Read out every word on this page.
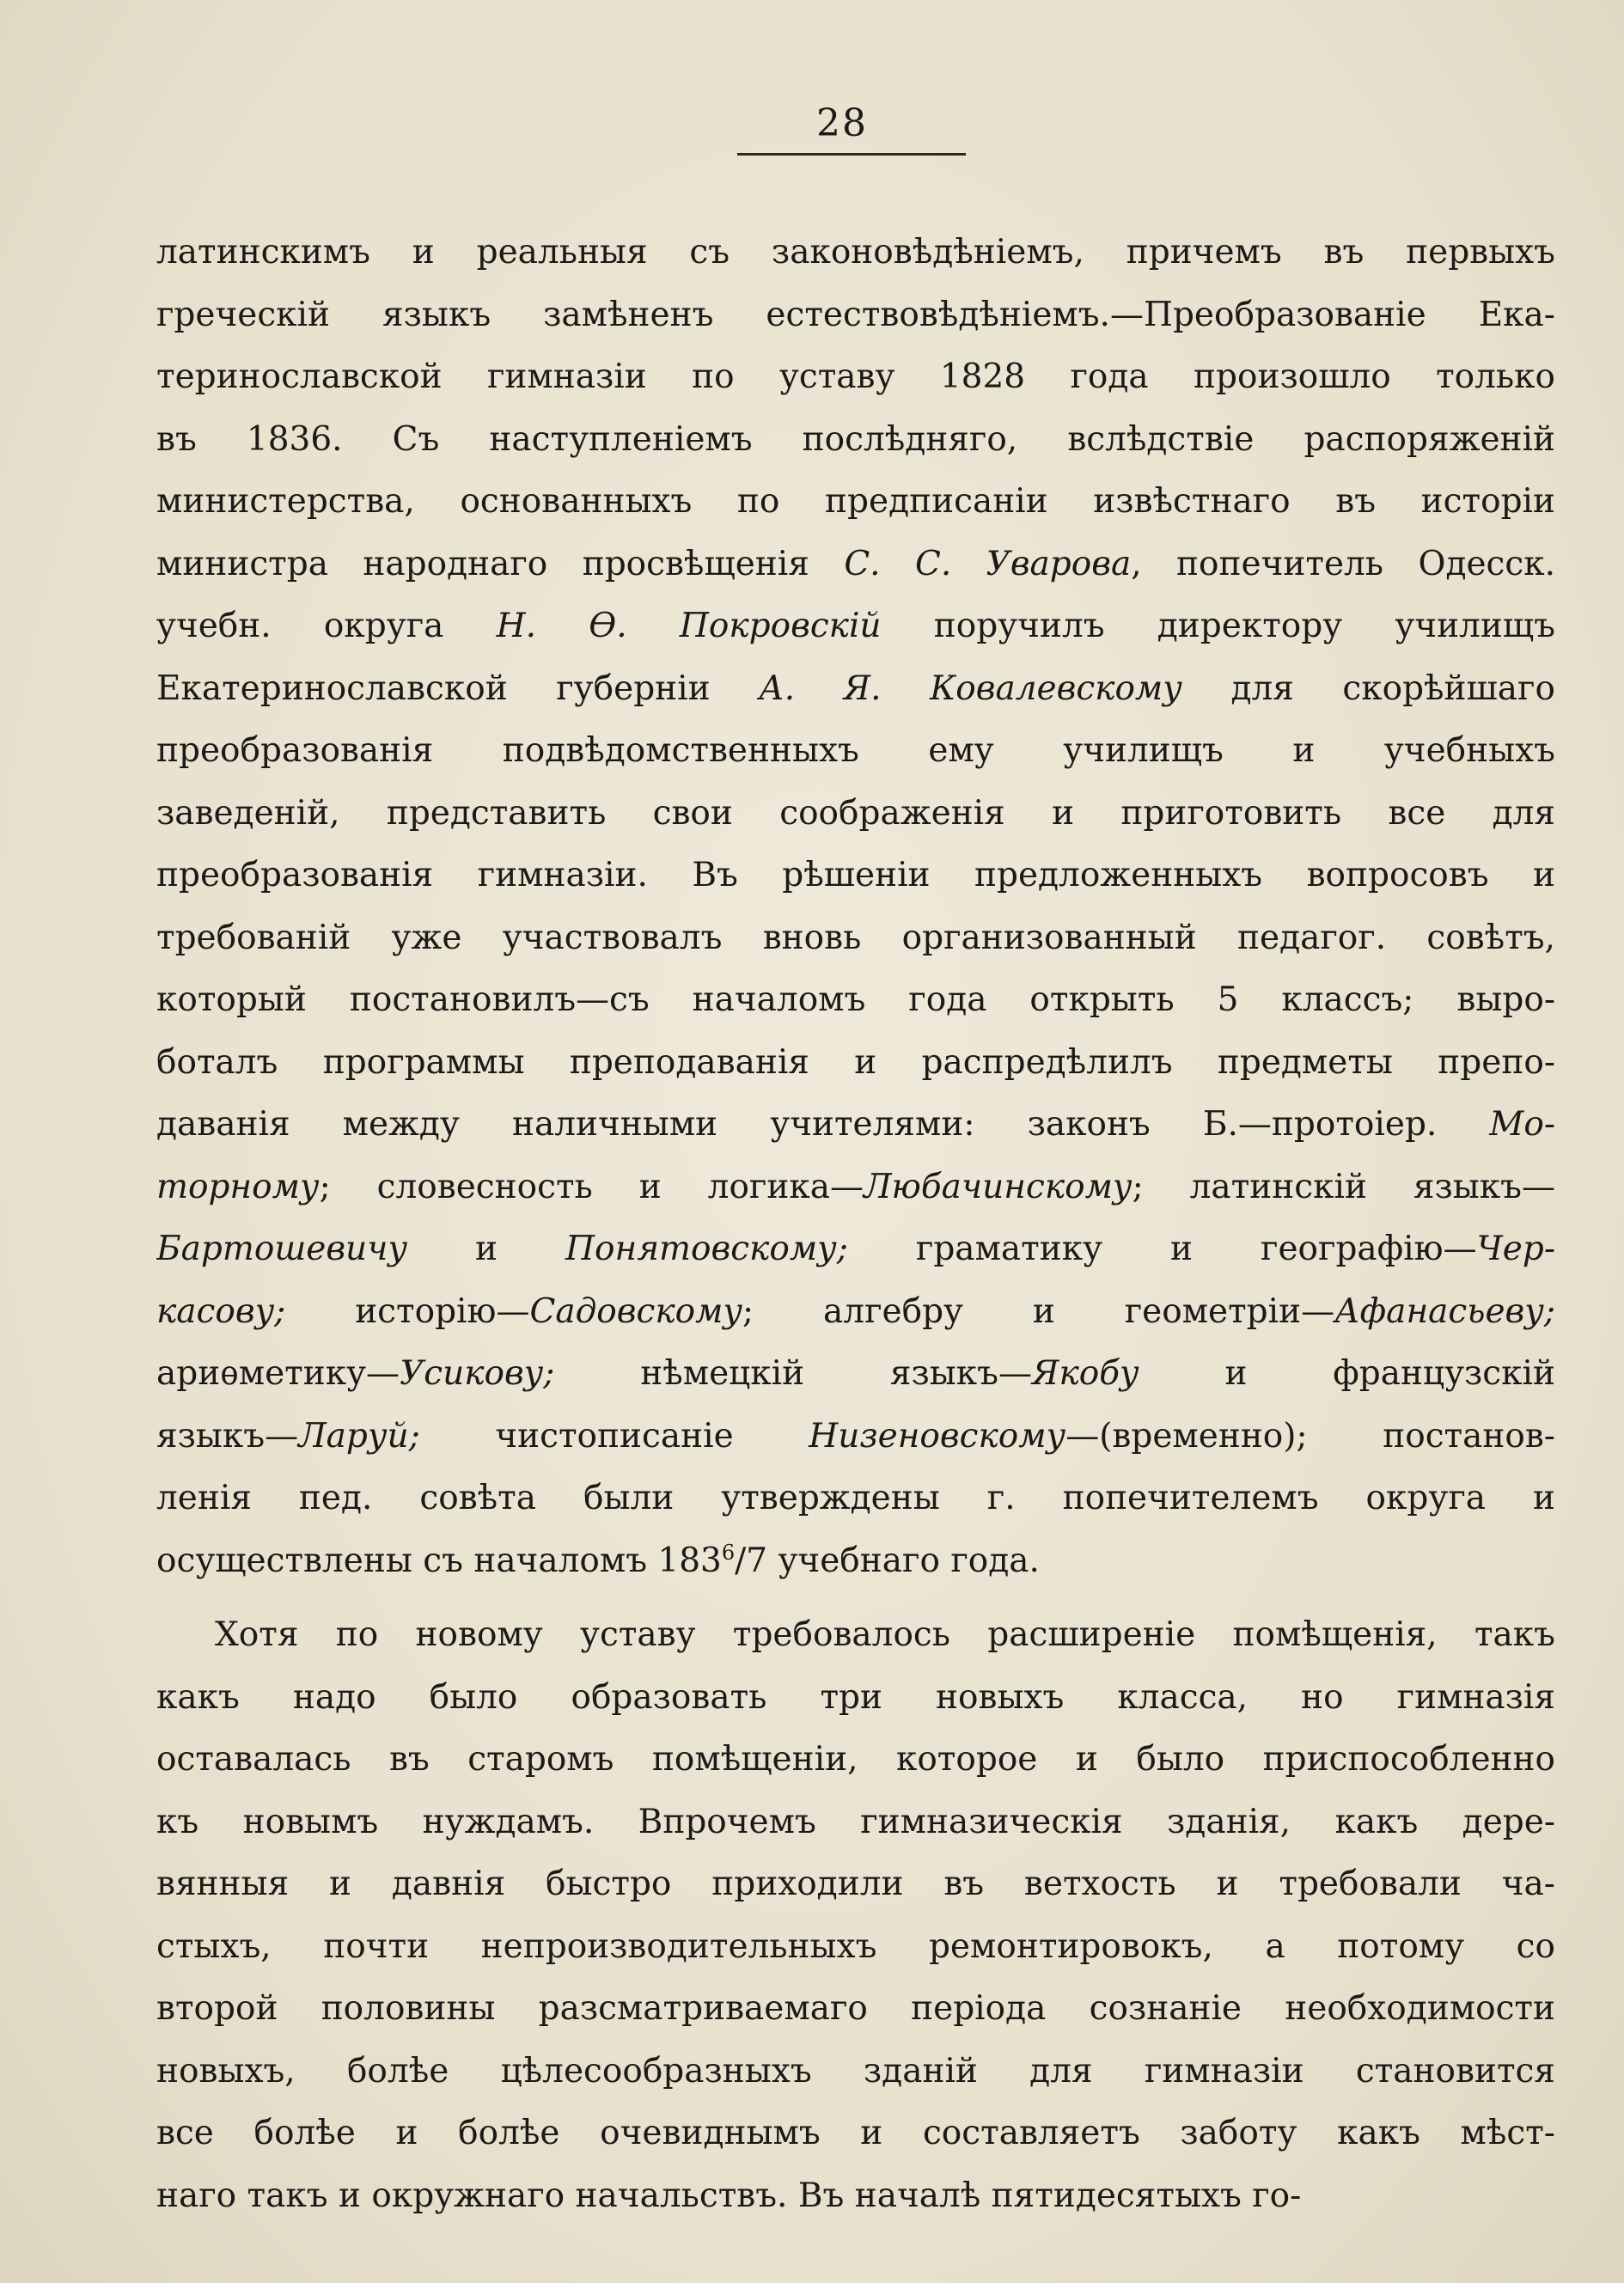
28
латинскимъ и реальныя съ законовѣдѣніемъ, причемъ въ первыхъ
греческій языкъ замѣненъ естествовѣдѣніемъ.—Преобразованіе Ека-
теринославской гимназіи по уставу 1828 года произошло только
въ 1836. Съ наступленіемъ послѣдняго, вслѣдствіе распоряженій
министерства, основанныхъ по предписаніи извѣстнаго въ исторіи
министра народнаго просвѣщенія С. С. Уварова, попечитель Одесск.
учебн. округа Н. Ѳ. Покровскій поручилъ директору училищъ
Екатеринославской губерніи А. Я. Ковалевскому для скорѣйшаго
преобразованія подвѣдомственныхъ ему училищъ и учебныхъ
заведеній, представить свои соображенія и приготовить все для
преобразованія гимназіи. Въ рѣшеніи предложенныхъ вопросовъ и
требованій уже участвовалъ вновь организованный педагог. совѣтъ,
который постановилъ—съ началомъ года открыть 5 классъ; выро-
боталъ программы преподаванія и распредѣлилъ предметы препо-
даванія между наличными учителями: законъ Б.—протоіер. Мо-
торному; словесность и логика—Любачинскому; латинскій языкъ—
Бартошевичу и Понятовскому; граматику и географію—Чер-
касову; исторію—Садовскому; алгебру и геометріи—Афанасьеву;
ариѳметику—Усикову; нѣмецкій языкъ—Якобу и французскій
языкъ—Ларуй; чистописаніе Низеновскому—(временно); постанов-
ленія пед. совѣта были утверждены г. попечителемъ округа и
осуществлены съ началомъ $183^6/7$ учебнаго года.
Хотя по новому уставу требовалось расширеніе помѣщенія, такъ
какъ надо было образовать три новыхъ класса, но гимназія
оставалась въ старомъ помѣщеніи, которое и было приспособленно
къ новымъ нуждамъ. Впрочемъ гимназическія зданія, какъ дере-
вянныя и давнія быстро приходили въ ветхость и требовали ча-
стыхъ, почти непроизводительныхъ ремонтировокъ, а потому со
второй половины разсматриваемаго періода сознаніе необходимости
новыхъ, болѣе цѣлесообразныхъ зданій для гимназіи становится
все болѣе и болѣе очевиднымъ и составляетъ заботу какъ мѣст-
наго такъ и окружнаго начальствъ. Въ началѣ пятидесятыхъ го-
